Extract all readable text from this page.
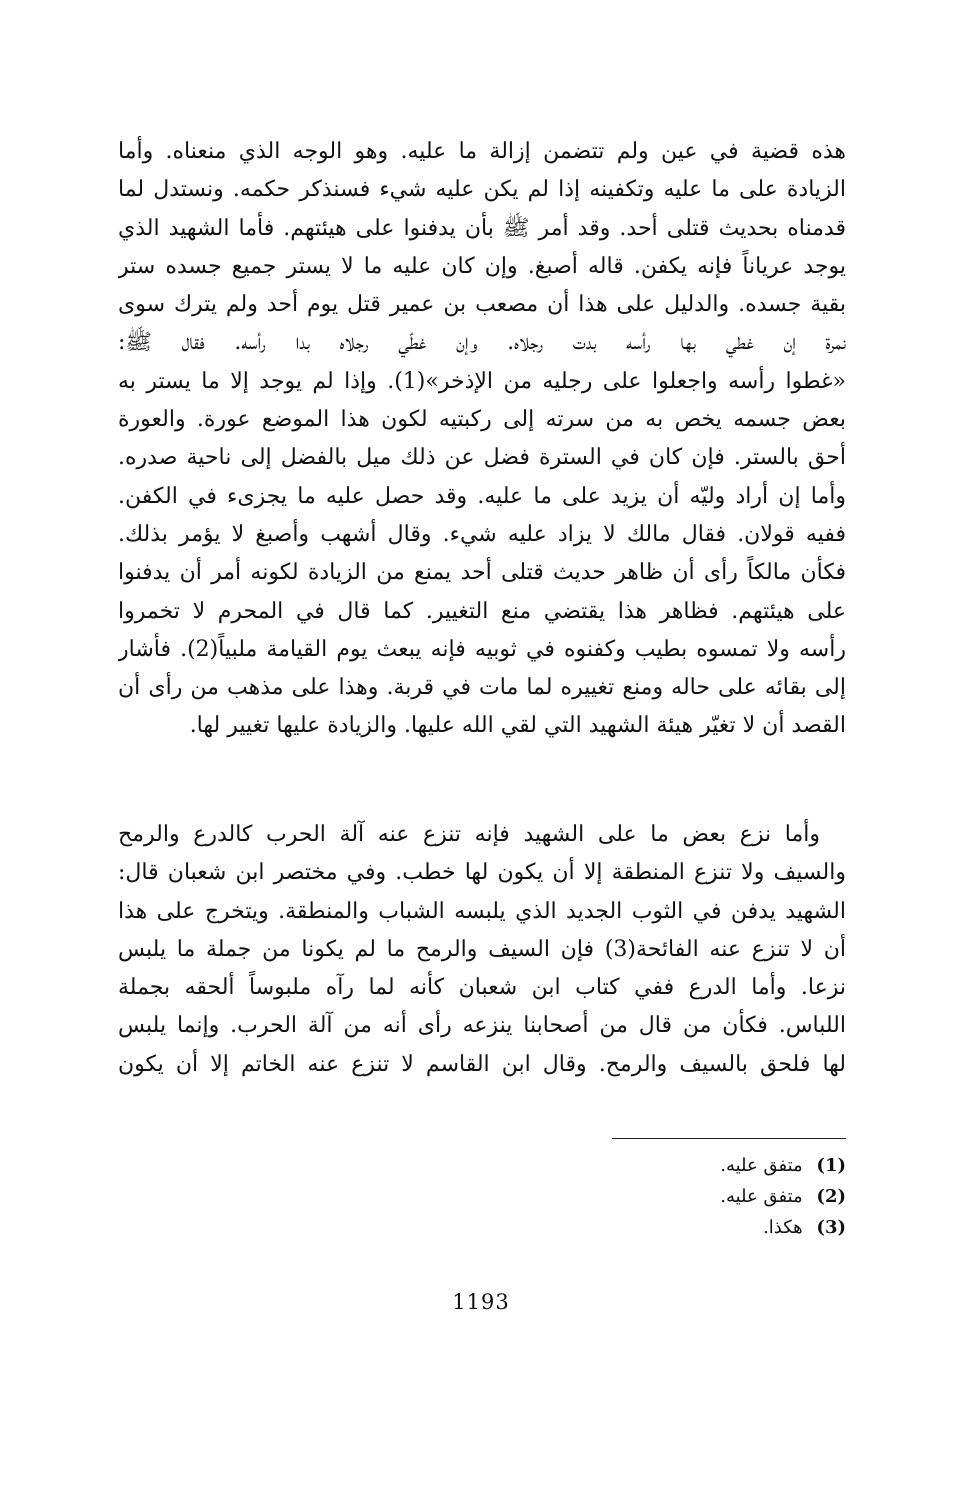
هذه قضية في عين ولم تتضمن إزالة ما عليه. وهو الوجه الذي منعناه. وأما
الزيادة على ما عليه وتكفينه إذا لم يكن عليه شيء فسنذكر حكمه. ونستدل لما
قدمناه بحديث قتلى أحد. وقد أمر ﷺ بأن يدفنوا على هيئتهم. فأما الشهيد الذي
يوجد عرياناً فإنه يكفن. قاله أصبغ. وإن كان عليه ما لا يستر جميع جسده ستر
بقية جسده. والدليل على هذا أن مصعب بن عمير قتل يوم أحد ولم يترك سوى
نمرة إن غطي بها رأسه بدت رجلاه. وإن غطّي رجلاه بدا رأسه. فقال ﷺ:
«غطوا رأسه واجعلوا على رجليه من الإذخر»(1). وإذا لم يوجد إلا ما يستر به
بعض جسمه يخص به من سرته إلى ركبتيه لكون هذا الموضع عورة. والعورة
أحق بالستر. فإن كان في السترة فضل عن ذلك ميل بالفضل إلى ناحية صدره.
وأما إن أراد وليّه أن يزيد على ما عليه. وقد حصل عليه ما يجزىء في الكفن.
ففيه قولان. فقال مالك لا يزاد عليه شيء. وقال أشهب وأصبغ لا يؤمر بذلك.
فكأن مالكاً رأى أن ظاهر حديث قتلى أحد يمنع من الزيادة لكونه أمر أن يدفنوا
على هيئتهم. فظاهر هذا يقتضي منع التغيير. كما قال في المحرم لا تخمروا
رأسه ولا تمسوه بطيب وكفنوه في ثوبيه فإنه يبعث يوم القيامة ملبياً(2). فأشار
إلى بقائه على حاله ومنع تغييره لما مات في قربة. وهذا على مذهب من رأى أن
القصد أن لا تغيّر هيئة الشهيد التي لقي الله عليها. والزيادة عليها تغيير لها.
وأما نزع بعض ما على الشهيد فإنه تنزع عنه آلة الحرب كالدرع والرمح
والسيف ولا تنزع المنطقة إلا أن يكون لها خطب. وفي مختصر ابن شعبان قال:
الشهيد يدفن في الثوب الجديد الذي يلبسه الشباب والمنطقة. ويتخرج على هذا
أن لا تنزع عنه الفائحة(3) فإن السيف والرمح ما لم يكونا من جملة ما يلبس
نزعا. وأما الدرع ففي كتاب ابن شعبان كأنه لما رآه ملبوساً ألحقه بجملة
اللباس. فكأن من قال من أصحابنا ينزعه رأى أنه من آلة الحرب. وإنما يلبس
لها فلحق بالسيف والرمح. وقال ابن القاسم لا تنزع عنه الخاتم إلا أن يكون
(1) متفق عليه.
(2) متفق عليه.
(3) هكذا.
1193
